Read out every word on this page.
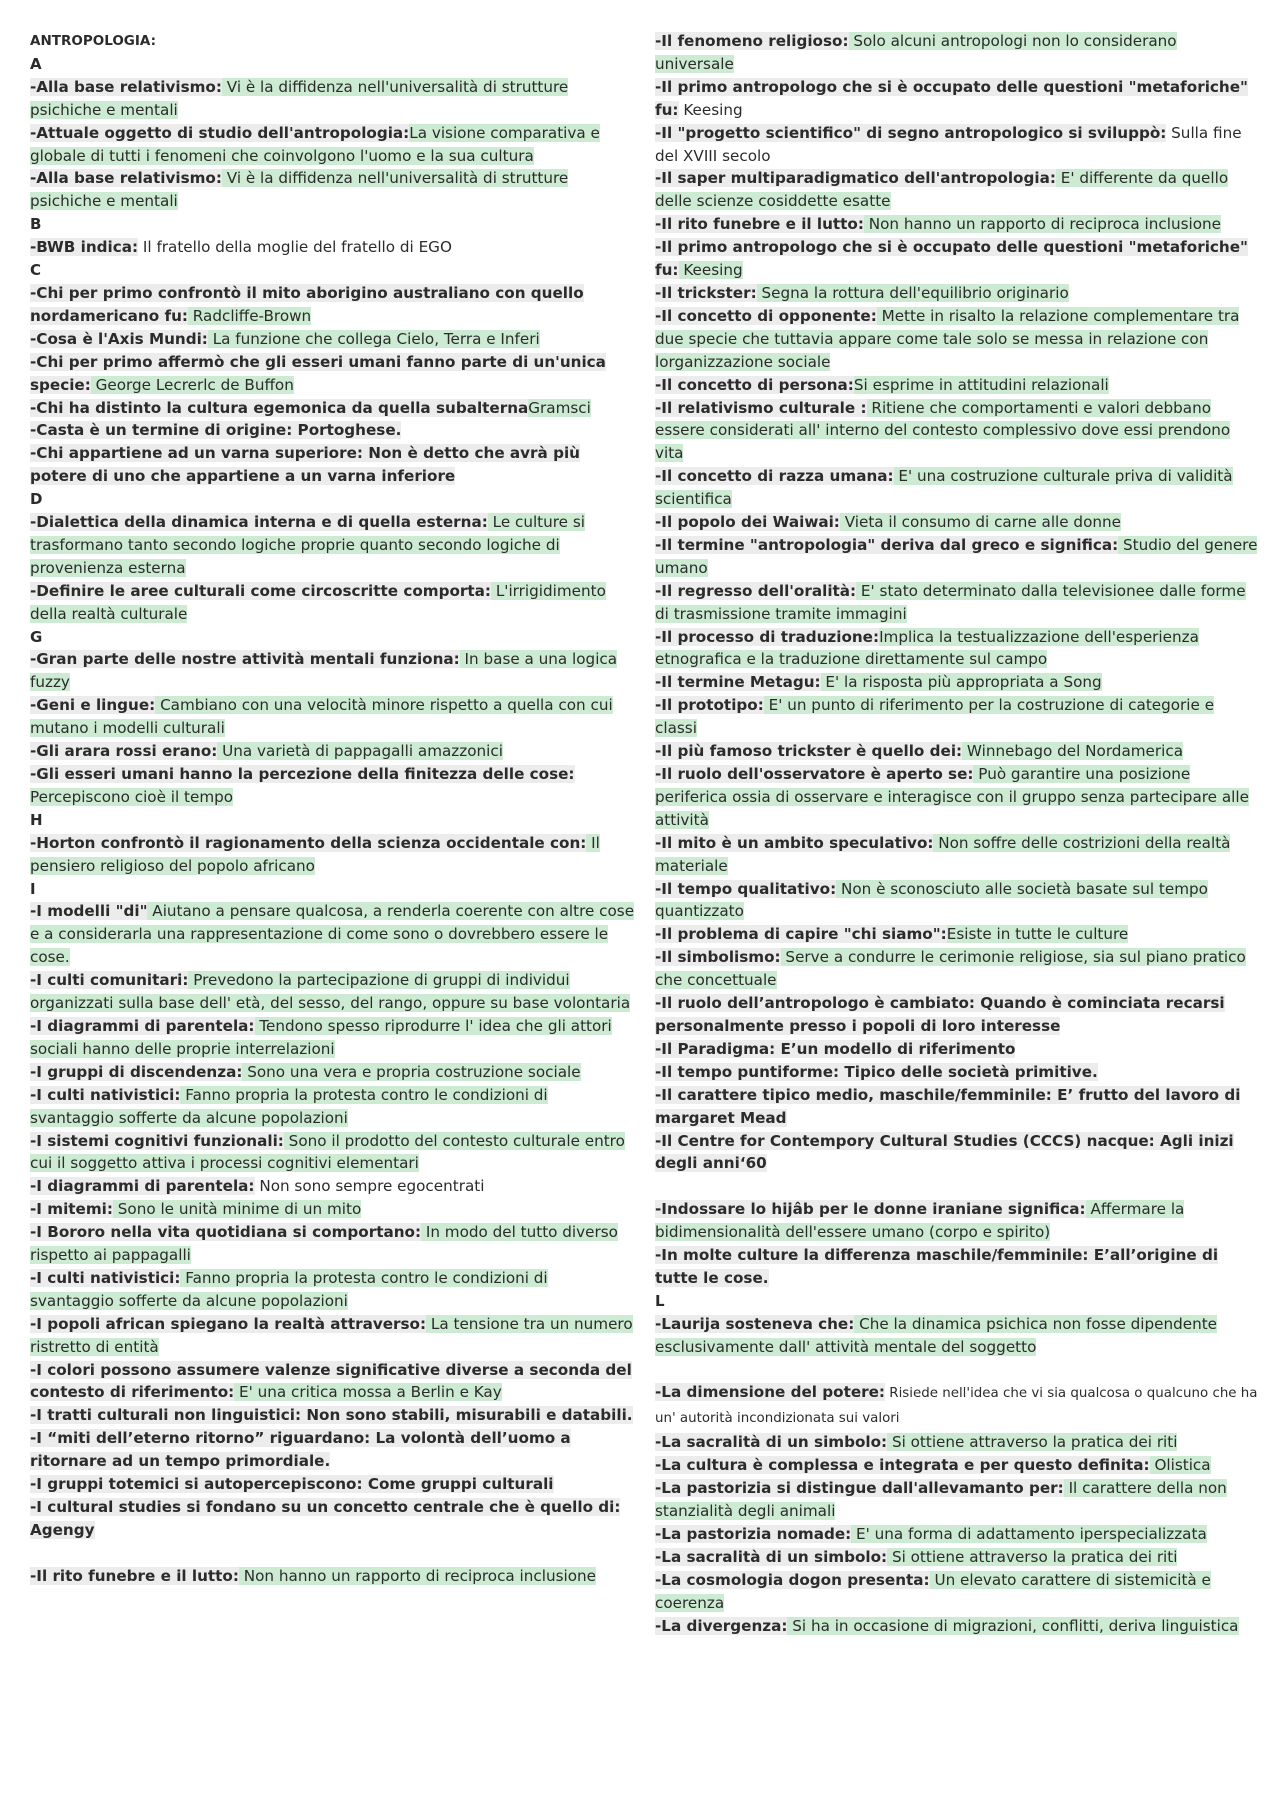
ANTROPOLOGIA:
A
-Alla base relativismo: Vi è la diffidenza nell'universalità di strutture psichiche e mentali
-Attuale oggetto di studio dell'antropologia:La visione comparativa e globale di tutti i fenomeni che coinvolgono l'uomo e la sua cultura
-Alla base relativismo: Vi è la diffidenza nell'universalità di strutture psichiche e mentali
B
-BWB indica: Il fratello della moglie del fratello di EGO
C
-Chi per primo confrontò il mito aborigino australiano con quello nordamericano fu: Radcliffe-Brown
-Cosa è l'Axis Mundi: La funzione che collega Cielo, Terra e Inferi
-Chi per primo affermò che gli esseri umani fanno parte di un'unica specie: George Lecrerlc de Buffon
-Chi ha distinto la cultura egemonica da quella subalternaGramsci
-Casta è un termine di origine: Portoghese.
-Chi appartiene ad un varna superiore: Non è detto che avrà più potere di uno che appartiene a un varna inferiore
D
-Dialettica della dinamica interna e di quella esterna: Le culture si trasformano tanto secondo logiche proprie quanto secondo logiche di provenienza esterna
-Definire le aree culturali come circoscritte comporta: L'irrigidimento della realtà culturale
G
-Gran parte delle nostre attività mentali funziona: In base a una logica fuzzy
-Geni e lingue: Cambiano con una velocità minore rispetto a quella con cui mutano i modelli culturali
-Gli arara rossi erano: Una varietà di pappagalli amazzonici
-Gli esseri umani hanno la percezione della finitezza delle cose: Percepiscono cioè il tempo
H
-Horton confrontò il ragionamento della scienza occidentale con: Il pensiero religioso del popolo africano
I
-I modelli "di" Aiutano a pensare qualcosa, a renderla coerente con altre cose e a considerarla una rappresentazione di come sono o dovrebbero essere le cose.
-I culti comunitari: Prevedono la partecipazione di gruppi di individui organizzati sulla base dell' età, del sesso, del rango, oppure su base volontaria
-I diagrammi di parentela: Tendono spesso riprodurre l' idea che gli attori sociali hanno delle proprie interrelazioni
-I gruppi di discendenza: Sono una vera e propria costruzione sociale
-I culti nativistici: Fanno propria la protesta contro le condizioni di svantaggio sofferte da alcune popolazioni
-I sistemi cognitivi funzionali: Sono il prodotto del contesto culturale entro cui il soggetto attiva i processi cognitivi elementari
-I diagrammi di parentela: Non sono sempre egocentrati
-I mitemi: Sono le unità minime di un mito
-I Bororo nella vita quotidiana si comportano: In modo del tutto diverso rispetto ai pappagalli
-I culti nativistici: Fanno propria la protesta contro le condizioni di svantaggio sofferte da alcune popolazioni
-I popoli african spiegano la realtà attraverso: La tensione tra un numero ristretto di entità
-I colori possono assumere valenze significative diverse a seconda del contesto di riferimento: E' una critica mossa a Berlin e Kay
-I tratti culturali non linguistici: Non sono stabili, misurabili e databili.
-I “miti dell’eterno ritorno” riguardano: La volontà dell’uomo a ritornare ad un tempo primordiale.
-I gruppi totemici si autopercepiscono: Come gruppi culturali
-I cultural studies si fondano su un concetto centrale che è quello di: Agengy
-Il rito funebre e il lutto: Non hanno un rapporto di reciproca inclusione
-Il fenomeno religioso: Solo alcuni antropologi non lo considerano universale
-Il primo antropologo che si è occupato delle questioni "metaforiche" fu: Keesing
-Il "progetto scientifico" di segno antropologico si sviluppò: Sulla fine del XVIII secolo
-Il saper multiparadigmatico dell'antropologia: E' differente da quello delle scienze cosiddette esatte
-Il rito funebre e il lutto: Non hanno un rapporto di reciproca inclusione
-Il primo antropologo che si è occupato delle questioni "metaforiche" fu: Keesing
-Il trickster: Segna la rottura dell'equilibrio originario
-Il concetto di opponente: Mette in risalto la relazione complementare tra due specie che tuttavia appare come tale solo se messa in relazione con lorganizzazione sociale
-Il concetto di persona:Si esprime in attitudini relazionali
-Il relativismo culturale : Ritiene che comportamenti e valori debbano essere considerati all' interno del contesto complessivo dove essi prendono vita
-Il concetto di razza umana: E' una costruzione culturale priva di validità scientifica
-Il popolo dei Waiwai: Vieta il consumo di carne alle donne
-Il termine "antropologia" deriva dal greco e significa: Studio del genere umano
-Il regresso dell'oralità: E' stato determinato dalla televisionee dalle forme di trasmissione tramite immagini
-Il processo di traduzione:Implica la testualizzazione dell'esperienza etnografica e la traduzione direttamente sul campo
-Il termine Metagu: E' la risposta più appropriata a Song
-Il prototipo: E' un punto di riferimento per la costruzione di categorie e classi
-Il più famoso trickster è quello dei: Winnebago del Nordamerica
-Il ruolo dell'osservatore è aperto se: Può garantire una posizione periferica ossia di osservare e interagisce con il gruppo senza partecipare alle attività
-Il mito è un ambito speculativo: Non soffre delle costrizioni della realtà materiale
-Il tempo qualitativo: Non è sconosciuto alle società basate sul tempo quantizzato
-Il problema di capire "chi siamo":Esiste in tutte le culture
-Il simbolismo: Serve a condurre le cerimonie religiose, sia sul piano pratico che concettuale
-Il ruolo dell’antropologo è cambiato: Quando è cominciata recarsi personalmente presso i popoli di loro interesse
-Il Paradigma: E’un modello di riferimento
-Il tempo puntiforme: Tipico delle società primitive.
-Il carattere tipico medio, maschile/femminile: E’ frutto del lavoro di margaret Mead
-Il Centre for Contempory Cultural Studies (CCCS) nacque: Agli inizi degli anni‘60
-Indossare lo hijâb per le donne iraniane significa: Affermare la bidimensionalità dell'essere umano (corpo e spirito)
-In molte culture la differenza maschile/femminile: E’all’origine di tutte le cose.
L
-Laurija sosteneva che: Che la dinamica psichica non fosse dipendente esclusivamente dall' attività mentale del soggetto
-La dimensione del potere: Risiede nell'idea che vi sia qualcosa o qualcuno che ha un' autorità incondizionata sui valori
-La sacralità di un simbolo: Si ottiene attraverso la pratica dei riti
-La cultura è complessa e integrata e per questo definita: Olistica
-La pastorizia si distingue dall'allevamanto per: Il carattere della non stanzialità degli animali
-La pastorizia nomade: E' una forma di adattamento iperspecializzata
-La sacralità di un simbolo: Si ottiene attraverso la pratica dei riti
-La cosmologia dogon presenta: Un elevato carattere di sistemicità e coerenza
-La divergenza: Si ha in occasione di migrazioni, conflitti, deriva linguistica
